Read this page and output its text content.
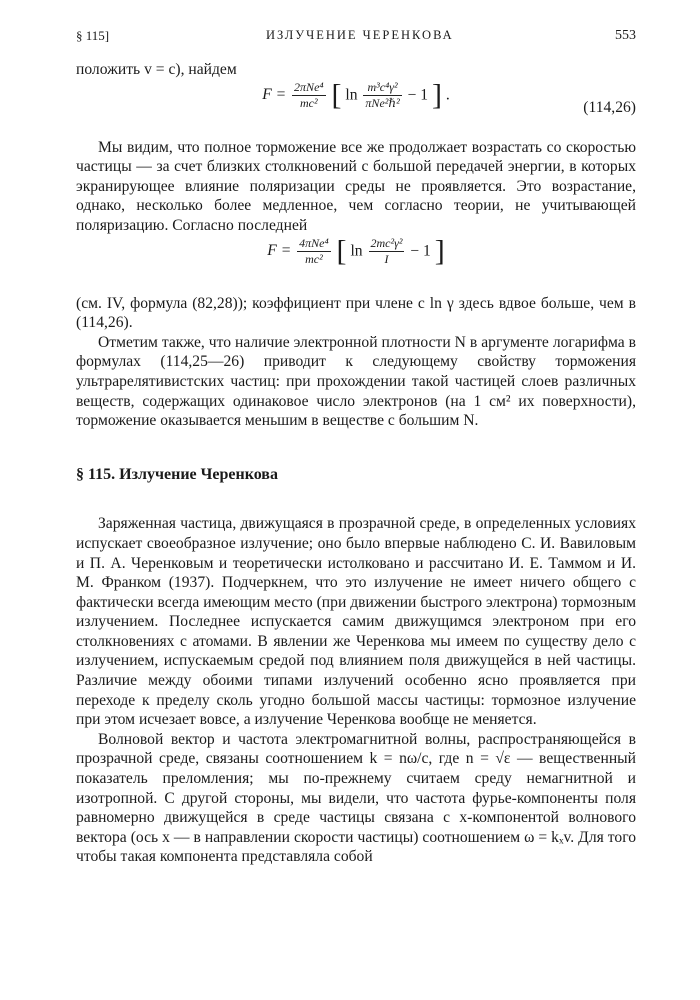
§ 115]	ИЗЛУЧЕНИЕ ЧЕРЕНКОВА	553

положить v = c), найдем

$F = \frac{\text{2πNe⁴}}{\text{mc²}}$ [ $\ln \frac{\text{m³c⁴γ²}}{\text{πNe²ℏ²}} - 1$ ] .
(114,26)

Мы видим, что полное торможение все же продолжает возрастать со скоростью частицы — за счет близких столкновений с большой передачей энергии, в которых экранирующее влияние поляризации среды не проявляется. Это возрастание, однако, несколько более медленное, чем согласно теории, не учитывающей поляризацию. Согласно последней

$F = \frac{\text{4πNe⁴}}{\text{mc²}}$ [ $\ln \frac{\text{2mc²γ²}}{I} - 1$ ]

(см. IV, формула (82,28)); коэффициент при члене с ln γ здесь вдвое больше, чем в (114,26).

Отметим также, что наличие электронной плотности N в аргументе логарифма в формулах (114,25—26) приводит к следующему свойству торможения ультрарелятивистских частиц: при прохождении такой частицей слоев различных веществ, содержащих одинаковое число электронов (на 1 см² их поверхности), торможение оказывается меньшим в веществе с большим N.

§ 115. Излучение Черенкова

Заряженная частица, движущаяся в прозрачной среде, в определенных условиях испускает своеобразное излучение; оно было впервые наблюдено С. И. Вавиловым и П. А. Черенковым и теоретически истолковано и рассчитано И. Е. Таммом и И. М. Франком (1937). Подчеркнем, что это излучение не имеет ничего общего с фактически всегда имеющим место (при движении быстрого электрона) тормозным излучением. Последнее испускается самим движущимся электроном при его столкновениях с атомами. В явлении же Черенкова мы имеем по существу дело с излучением, испускаемым средой под влиянием поля движущейся в ней частицы. Различие между обоими типами излучений особенно ясно проявляется при переходе к пределу сколь угодно большой массы частицы: тормозное излучение при этом исчезает вовсе, а излучение Черенкова вообще не меняется.

Волновой вектор и частота электромагнитной волны, распространяющейся в прозрачной среде, связаны соотношением k = nω/c, где n = √ε — вещественный показатель преломления; мы по-прежнему считаем среду немагнитной и изотропной. С другой стороны, мы видели, что частота фурье-компоненты поля равномерно движущейся в среде частицы связана с x-компонентой волнового вектора (ось x — в направлении скорости частицы) соотношением ω = kₓv. Для того чтобы такая компонента представляла собой
